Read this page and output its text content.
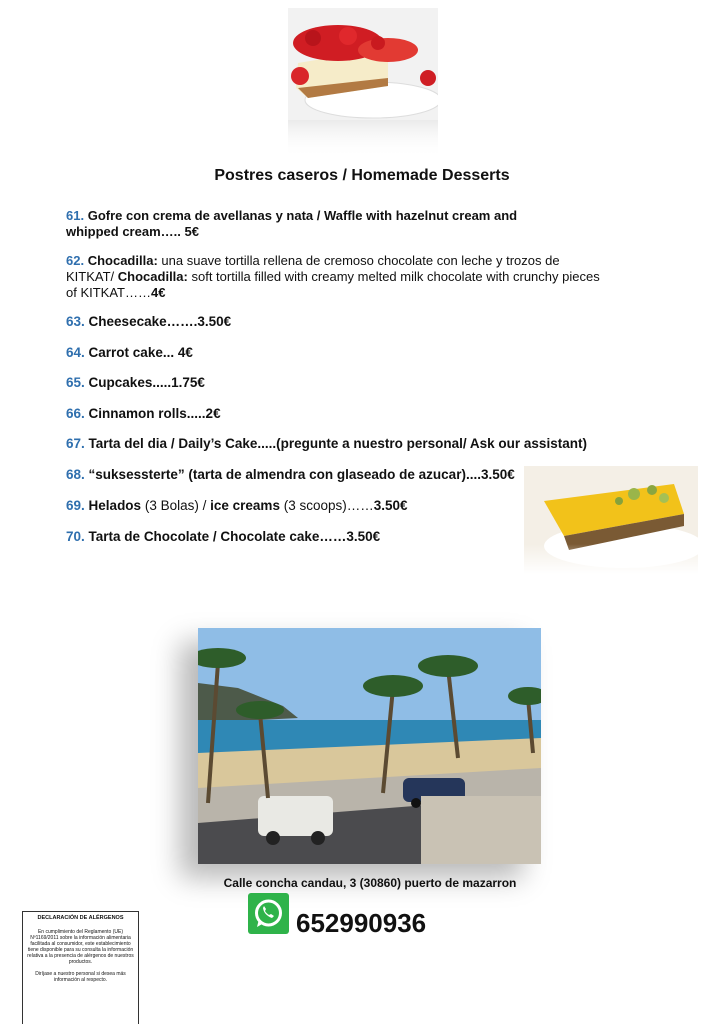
Postres caseros / Homemade Desserts
61. Gofre con crema de avellanas y nata / Waffle with hazelnut cream and
whipped cream….. 5€
62. Chocadilla: una suave tortilla rellena de cremoso chocolate con leche y trozos de
KITKAT/ Chocadilla: soft tortilla filled with creamy melted milk chocolate with crunchy pieces
of KITKAT……4€
63. Cheesecake…….3.50€
64. Carrot cake... 4€
65. Cupcakes.....1.75€
66. Cinnamon rolls.....2€
67. Tarta del dia / Daily’s Cake.....(pregunte a nuestro personal/ Ask our assistant)
68. “suksessterte” (tarta de almendra con glaseado de azucar)....3.50€
69. Helados (3 Bolas) / ice creams (3 scoops)……3.50€
70. Tarta de Chocolate / Chocolate cake……3.50€
Calle concha candau, 3 (30860) puerto de mazarron
652990936
DECLARACIÓN DE ALÉRGENOS

En cumplimiento del Reglamento (UE) Nº1169/2011 sobre la información alimentaria facilitada al consumidor, este establecimiento tiene disponible para su consulta la información relativa a la presencia de alérgenos de nuestros productos.

Diríjase a nuestro personal si desea más información al respecto.
